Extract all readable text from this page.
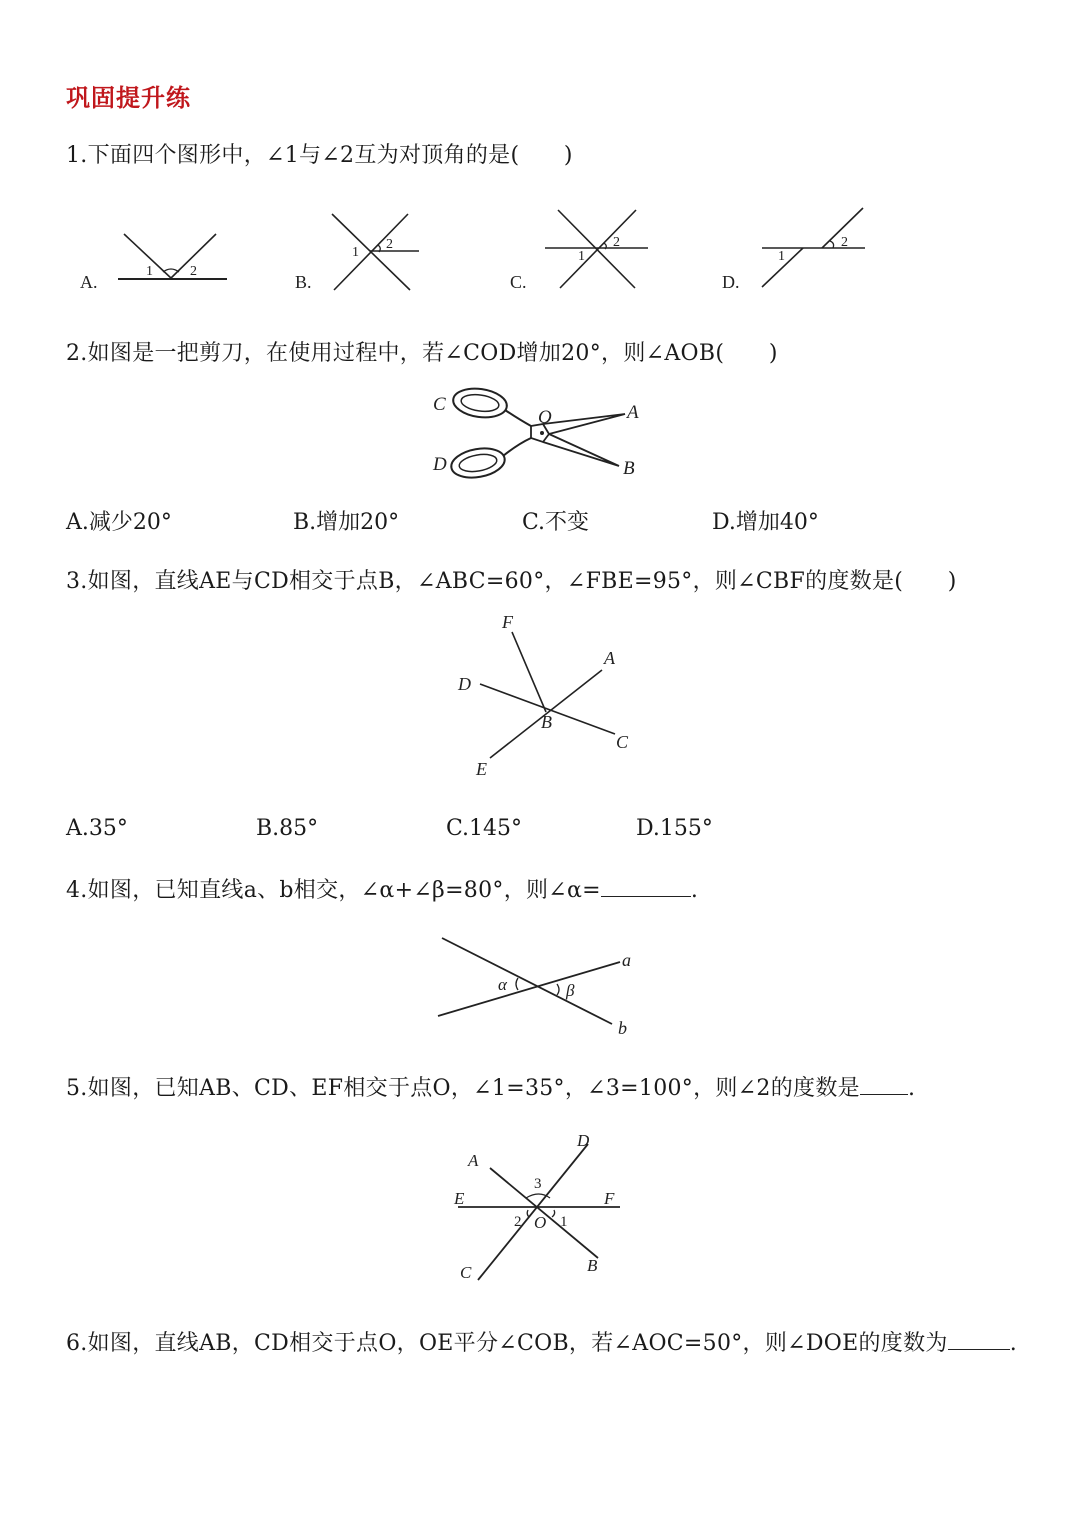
巩固提升练
1.下面四个图形中，∠1与∠2互为对顶角的是(　　)
A.
1	2
B.
1
2
C.
1
2
D.
1
2
2.如图是一把剪刀，在使用过程中，若∠COD增加20°，则∠AOB(　　)
C
O	A
D	B
A.减少20°	B.增加20°	C.不变	D.增加40°
3.如图，直线AE与CD相交于点B，∠ABC=60°，∠FBE=95°，则∠CBF的度数是(　　)
F
A
D
B
C
E
A.35°	B.85°	C.145°	D.155°
4.如图，已知直线a、b相交，∠α+∠β=80°，则∠α=	.
α	β
a
b
5.如图，已知AB、CD、EF相交于点O，∠1=35°，∠3=100°，则∠2的度数是 .
A
D
E	F
O
C	B
3
2	1
6.如图，直线AB，CD相交于点O，OE平分∠COB，若∠AOC=50°，则∠DOE的度数为	.
